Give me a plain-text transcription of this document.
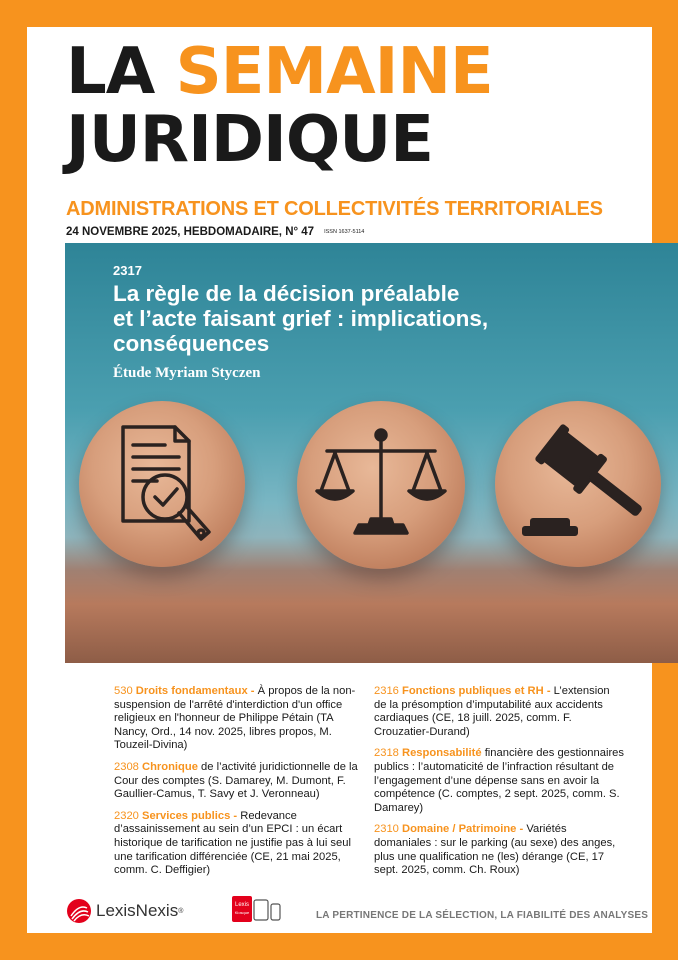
LA SEMAINE
JURIDIQUE
ADMINISTRATIONS ET COLLECTIVITÉS TERRITORIALES
24 NOVEMBRE 2025, HEBDOMADAIRE, N° 47 ISSN 1637-5114
2317
La règle de la décision préalable
et l’acte faisant grief : implications,
conséquences
Étude Myriam Styczen
530 Droits fondamentaux - À propos de la non-suspension de l'arrêté d'interdiction d'un office religieux en l'honneur de Philippe Pétain (TA Nancy, Ord., 14 nov. 2025, libres propos, M. Touzeil-Divina)
2308 Chronique de l’activité juridictionnelle de la Cour des comptes (S. Damarey, M. Dumont, F. Gaullier-Camus, T. Savy et J. Veronneau)
2320 Services publics - Redevance d’assainissement au sein d’un EPCI : un écart historique de tarification ne justifie pas à lui seul une tarification différenciée (CE, 21 mai 2025, comm. C. Deffigier)
2316 Fonctions publiques et RH - L’extension de la présomption d’imputabilité aux accidents cardiaques (CE, 18 juill. 2025, comm. F. Crouzatier-Durand)
2318 Responsabilité financière des gestionnaires publics : l’automaticité de l’infraction résultant de l’engagement d’une dépense sans en avoir la compétence (C. comptes, 2 sept. 2025, comm. S. Damarey)
2310 Domaine / Patrimoine - Variétés domaniales : sur le parking (au sexe) des anges, plus une qualification ne (les) dérange (CE, 17 sept. 2025, comm. Ch. Roux)
LexisNexis ®
Lexis
Kiosque	LA PERTINENCE DE LA SÉLECTION, LA FIABILITÉ DES ANALYSES
